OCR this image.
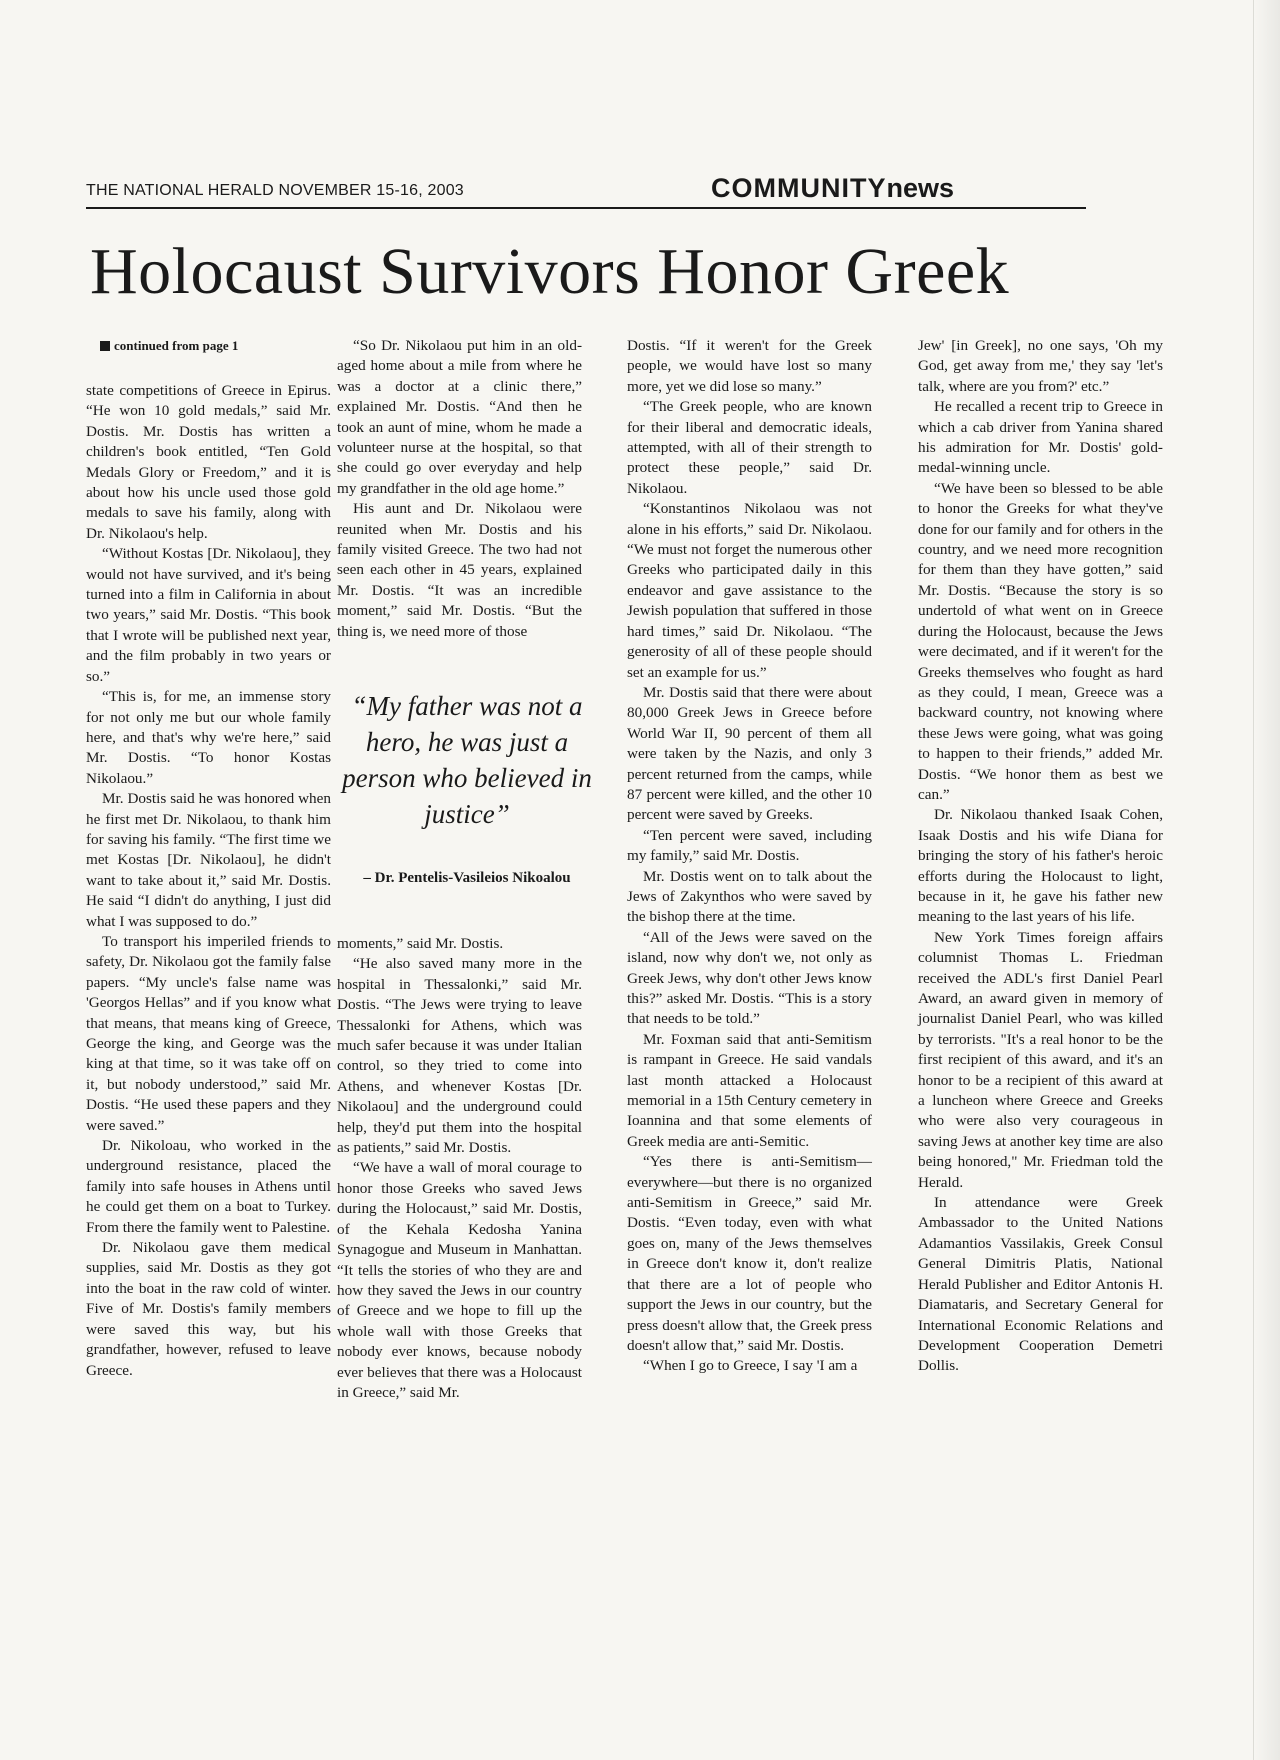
THE NATIONAL HERALD NOVEMBER 15-16, 2003	COMMUNITYnews
Holocaust Survivors Honor Greek
continued from page 1

state competitions of Greece in Epirus. “He won 10 gold medals,” said Mr. Dostis. Mr. Dostis has written a children's book entitled, “Ten Gold Medals Glory or Freedom,” and it is about how his uncle used those gold medals to save his family, along with Dr. Nikolaou's help.

“Without Kostas [Dr. Nikolaou], they would not have survived, and it's being turned into a film in California in about two years,” said Mr. Dostis. “This book that I wrote will be published next year, and the film probably in two years or so.”

“This is, for me, an immense story for not only me but our whole family here, and that's why we're here,” said Mr. Dostis. “To honor Kostas Nikolaou.”

Mr. Dostis said he was honored when he first met Dr. Nikolaou, to thank him for saving his family. “The first time we met Kostas [Dr. Nikolaou], he didn't want to take about it,” said Mr. Dostis. He said “I didn't do anything, I just did what I was supposed to do.”

To transport his imperiled friends to safety, Dr. Nikolaou got the family false papers. “My uncle's false name was 'Georgos Hellas” and if you know what that means, that means king of Greece, George the king, and George was the king at that time, so it was take off on it, but nobody understood,” said Mr. Dostis. “He used these papers and they were saved.”

Dr. Nikoloau, who worked in the underground resistance, placed the family into safe houses in Athens until he could get them on a boat to Turkey. From there the family went to Palestine.

Dr. Nikolaou gave them medical supplies, said Mr. Dostis as they got into the boat in the raw cold of winter. Five of Mr. Dostis's family members were saved this way, but his grandfather, however, refused to leave Greece.

“So Dr. Nikolaou put him in an old-aged home about a mile from where he was a doctor at a clinic there,” explained Mr. Dostis. “And then he took an aunt of mine, whom he made a volunteer nurse at the hospital, so that she could go over everyday and help my grandfather in the old age home.”

His aunt and Dr. Nikolaou were reunited when Mr. Dostis and his family visited Greece. The two had not seen each other in 45 years, explained Mr. Dostis. “It was an incredible moment,” said Mr. Dostis. “But the thing is, we need more of those

“My father was not a hero, he was just a person who believed in justice”
– Dr. Pentelis-Vasileios Nikoalou

moments,” said Mr. Dostis.

“He also saved many more in the hospital in Thessalonki,” said Mr. Dostis. “The Jews were trying to leave Thessalonki for Athens, which was much safer because it was under Italian control, so they tried to come into Athens, and whenever Kostas [Dr. Nikolaou] and the underground could help, they'd put them into the hospital as patients,” said Mr. Dostis.

“We have a wall of moral courage to honor those Greeks who saved Jews during the Holocaust,” said Mr. Dostis, of the Kehala Kedosha Yanina Synagogue and Museum in Manhattan. “It tells the stories of who they are and how they saved the Jews in our country of Greece and we hope to fill up the whole wall with those Greeks that nobody ever knows, because nobody ever believes that there was a Holocaust in Greece,” said Mr.

Dostis. “If it weren't for the Greek people, we would have lost so many more, yet we did lose so many.”

“The Greek people, who are known for their liberal and democratic ideals, attempted, with all of their strength to protect these people,” said Dr. Nikolaou.

“Konstantinos Nikolaou was not alone in his efforts,” said Dr. Nikolaou. “We must not forget the numerous other Greeks who participated daily in this endeavor and gave assistance to the Jewish population that suffered in those hard times,” said Dr. Nikolaou. “The generosity of all of these people should set an example for us.”

Mr. Dostis said that there were about 80,000 Greek Jews in Greece before World War II, 90 percent of them all were taken by the Nazis, and only 3 percent returned from the camps, while 87 percent were killed, and the other 10 percent were saved by Greeks.

“Ten percent were saved, including my family,” said Mr. Dostis.

Mr. Dostis went on to talk about the Jews of Zakynthos who were saved by the bishop there at the time.

“All of the Jews were saved on the island, now why don't we, not only as Greek Jews, why don't other Jews know this?” asked Mr. Dostis. “This is a story that needs to be told.”

Mr. Foxman said that anti-Semitism is rampant in Greece. He said vandals last month attacked a Holocaust memorial in a 15th Century cemetery in Ioannina and that some elements of Greek media are anti-Semitic.

“Yes there is anti-Semitism—everywhere—but there is no organized anti-Semitism in Greece,” said Mr. Dostis. “Even today, even with what goes on, many of the Jews themselves in Greece don't know it, don't realize that there are a lot of people who support the Jews in our country, but the press doesn't allow that, the Greek press doesn't allow that,” said Mr. Dostis.

“When I go to Greece, I say 'I am a

Jew' [in Greek], no one says, 'Oh my God, get away from me,' they say 'let's talk, where are you from?' etc.”

He recalled a recent trip to Greece in which a cab driver from Yanina shared his admiration for Mr. Dostis' gold-medal-winning uncle.

“We have been so blessed to be able to honor the Greeks for what they've done for our family and for others in the country, and we need more recognition for them than they have gotten,” said Mr. Dostis. “Because the story is so undertold of what went on in Greece during the Holocaust, because the Jews were decimated, and if it weren't for the Greeks themselves who fought as hard as they could, I mean, Greece was a backward country, not knowing where these Jews were going, what was going to happen to their friends,” added Mr. Dostis. “We honor them as best we can.”

Dr. Nikolaou thanked Isaak Cohen, Isaak Dostis and his wife Diana for bringing the story of his father's heroic efforts during the Holocaust to light, because in it, he gave his father new meaning to the last years of his life.

New York Times foreign affairs columnist Thomas L. Friedman received the ADL's first Daniel Pearl Award, an award given in memory of journalist Daniel Pearl, who was killed by terrorists. "It's a real honor to be the first recipient of this award, and it's an honor to be a recipient of this award at a luncheon where Greece and Greeks who were also very courageous in saving Jews at another key time are also being honored," Mr. Friedman told the Herald.

In attendance were Greek Ambassador to the United Nations Adamantios Vassilakis, Greek Consul General Dimitris Platis, National Herald Publisher and Editor Antonis H. Diamataris, and Secretary General for International Economic Relations and Development Cooperation Demetri Dollis.
